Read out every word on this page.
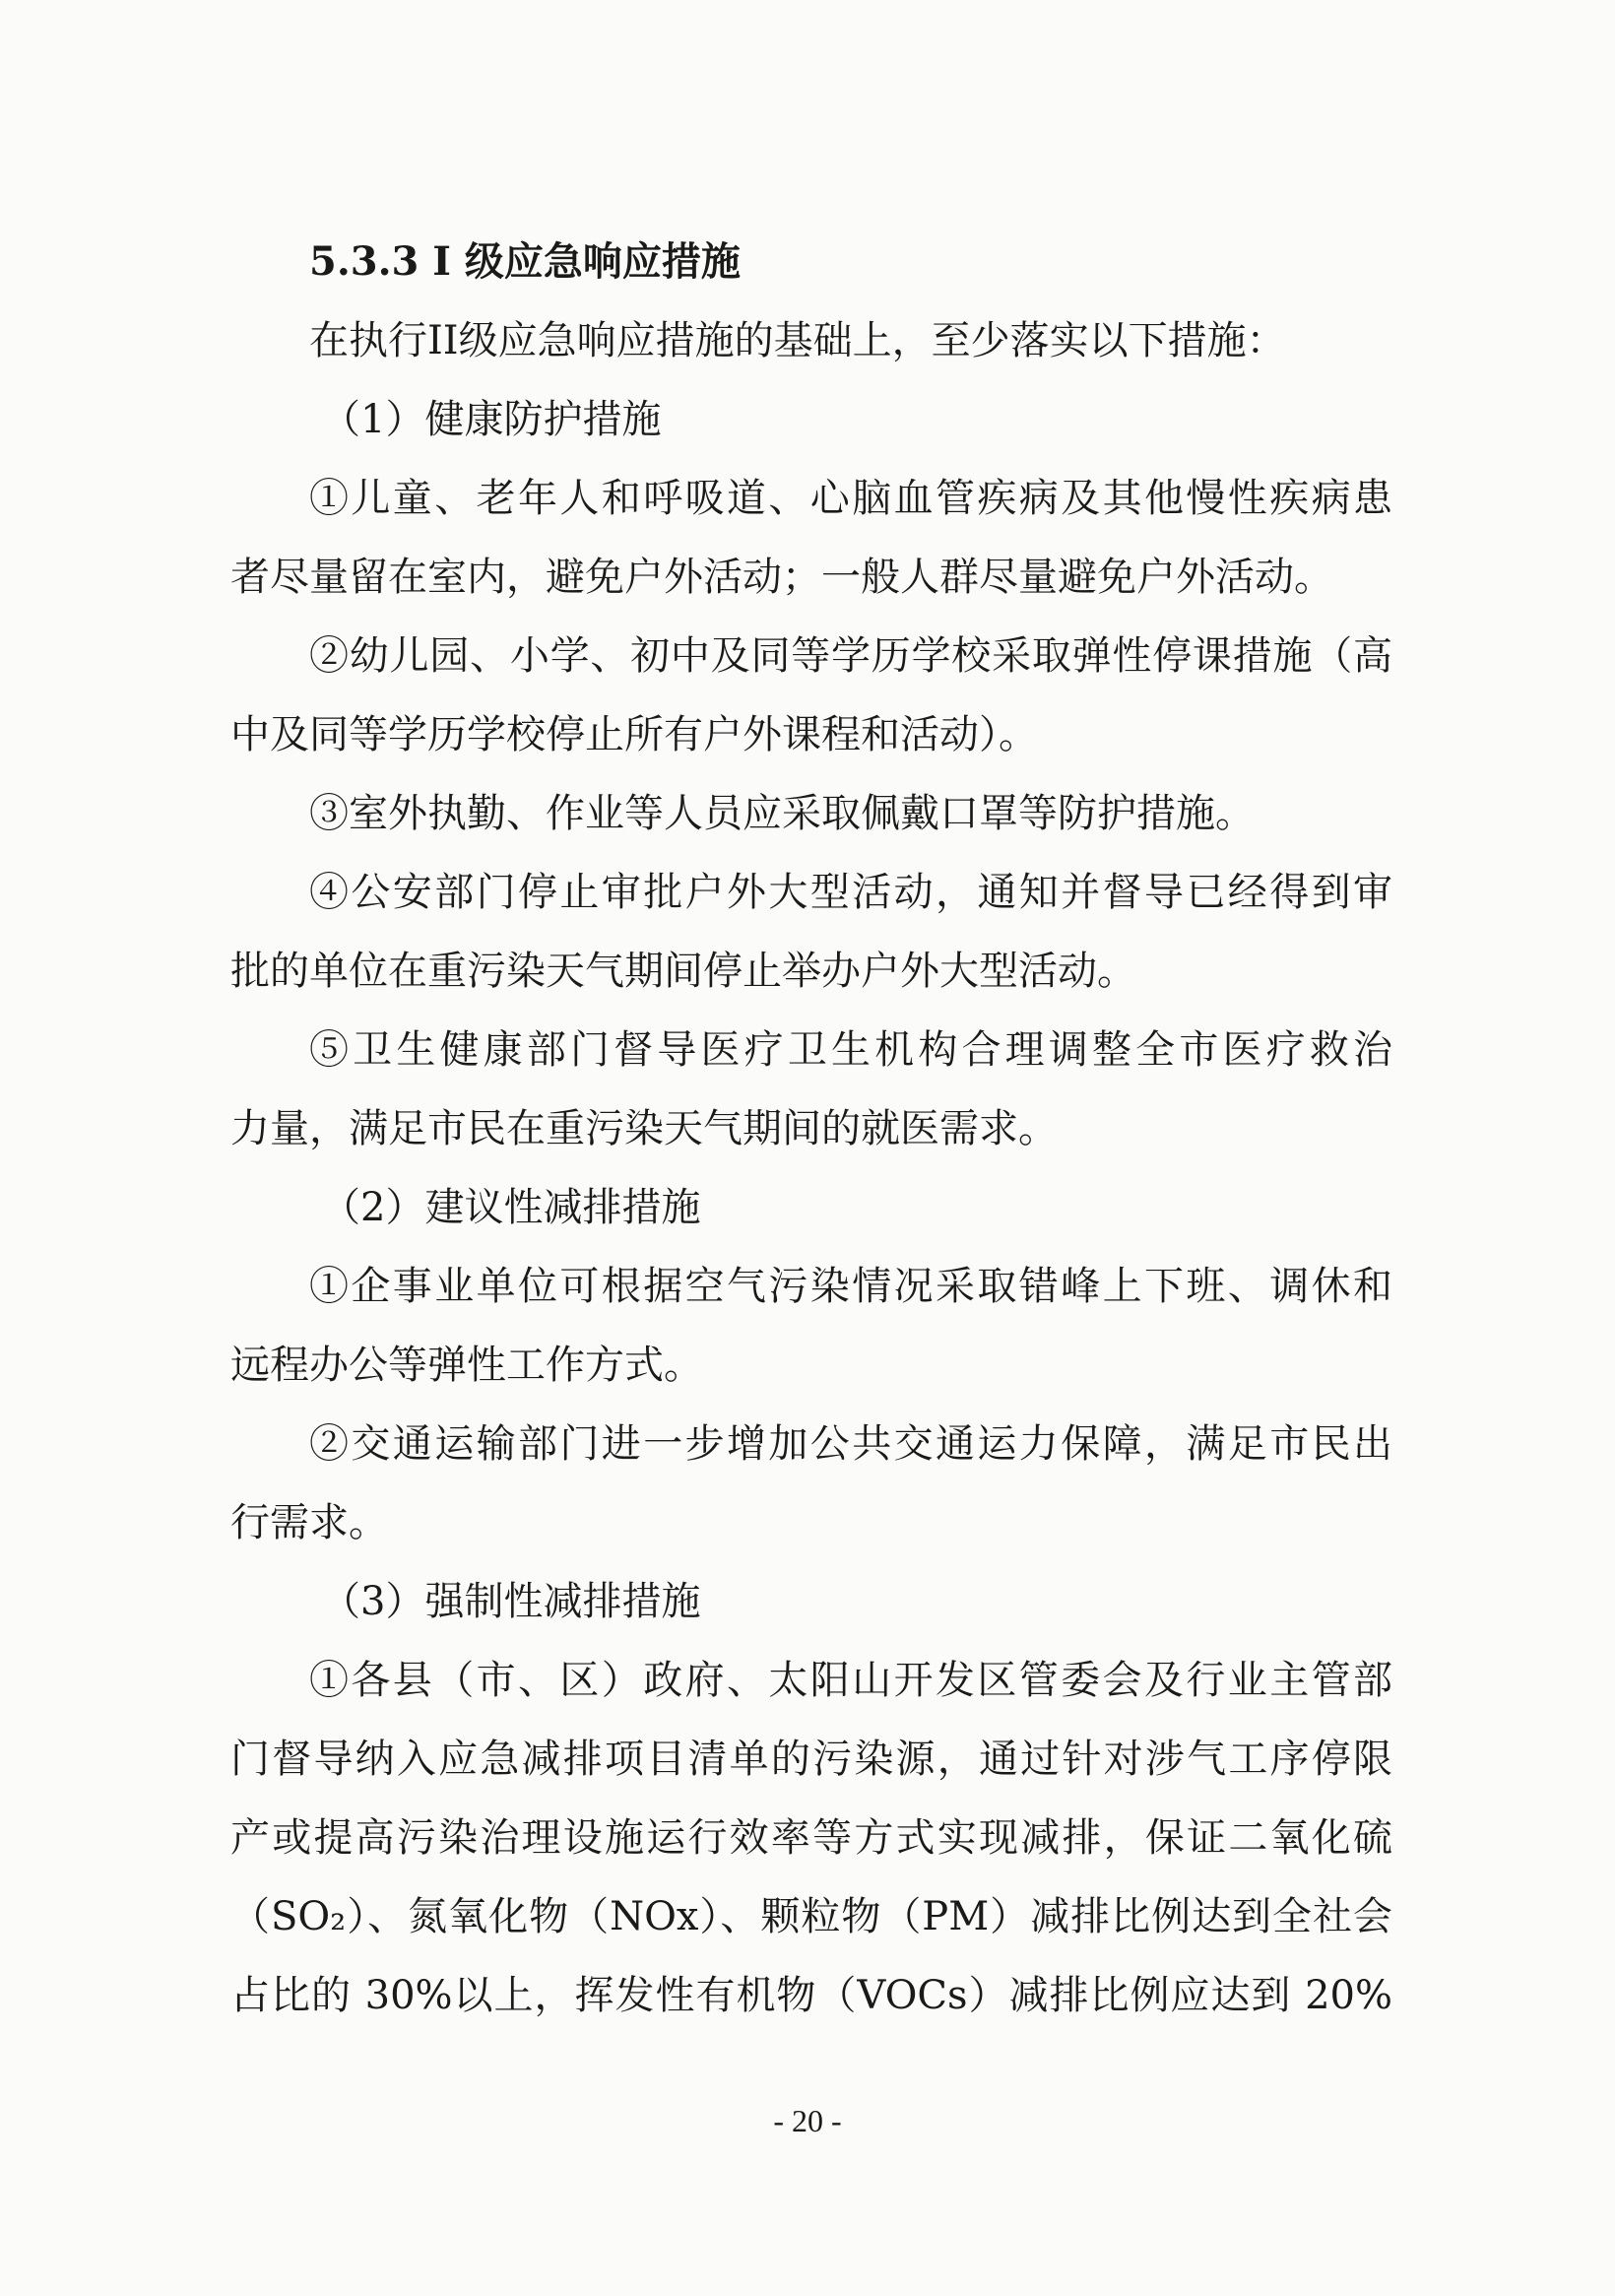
5.3.3 I 级应急响应措施
在执行II级应急响应措施的基础上，至少落实以下措施：
（1）健康防护措施
①儿童、老年人和呼吸道、心脑血管疾病及其他慢性疾病患
者尽量留在室内，避免户外活动；一般人群尽量避免户外活动。
②幼儿园、小学、初中及同等学历学校采取弹性停课措施（高
中及同等学历学校停止所有户外课程和活动）。
③室外执勤、作业等人员应采取佩戴口罩等防护措施。
④公安部门停止审批户外大型活动，通知并督导已经得到审
批的单位在重污染天气期间停止举办户外大型活动。
⑤卫生健康部门督导医疗卫生机构合理调整全市医疗救治
力量，满足市民在重污染天气期间的就医需求。
（2）建议性减排措施
①企事业单位可根据空气污染情况采取错峰上下班、调休和
远程办公等弹性工作方式。
②交通运输部门进一步增加公共交通运力保障，满足市民出
行需求。
（3）强制性减排措施
①各县（市、区）政府、太阳山开发区管委会及行业主管部
门督导纳入应急减排项目清单的污染源，通过针对涉气工序停限
产或提高污染治理设施运行效率等方式实现减排，保证二氧化硫
（SO₂）、氮氧化物（NOx）、颗粒物（PM）减排比例达到全社会
占比的 30%以上，挥发性有机物（VOCs）减排比例应达到 20%
- 20 -
